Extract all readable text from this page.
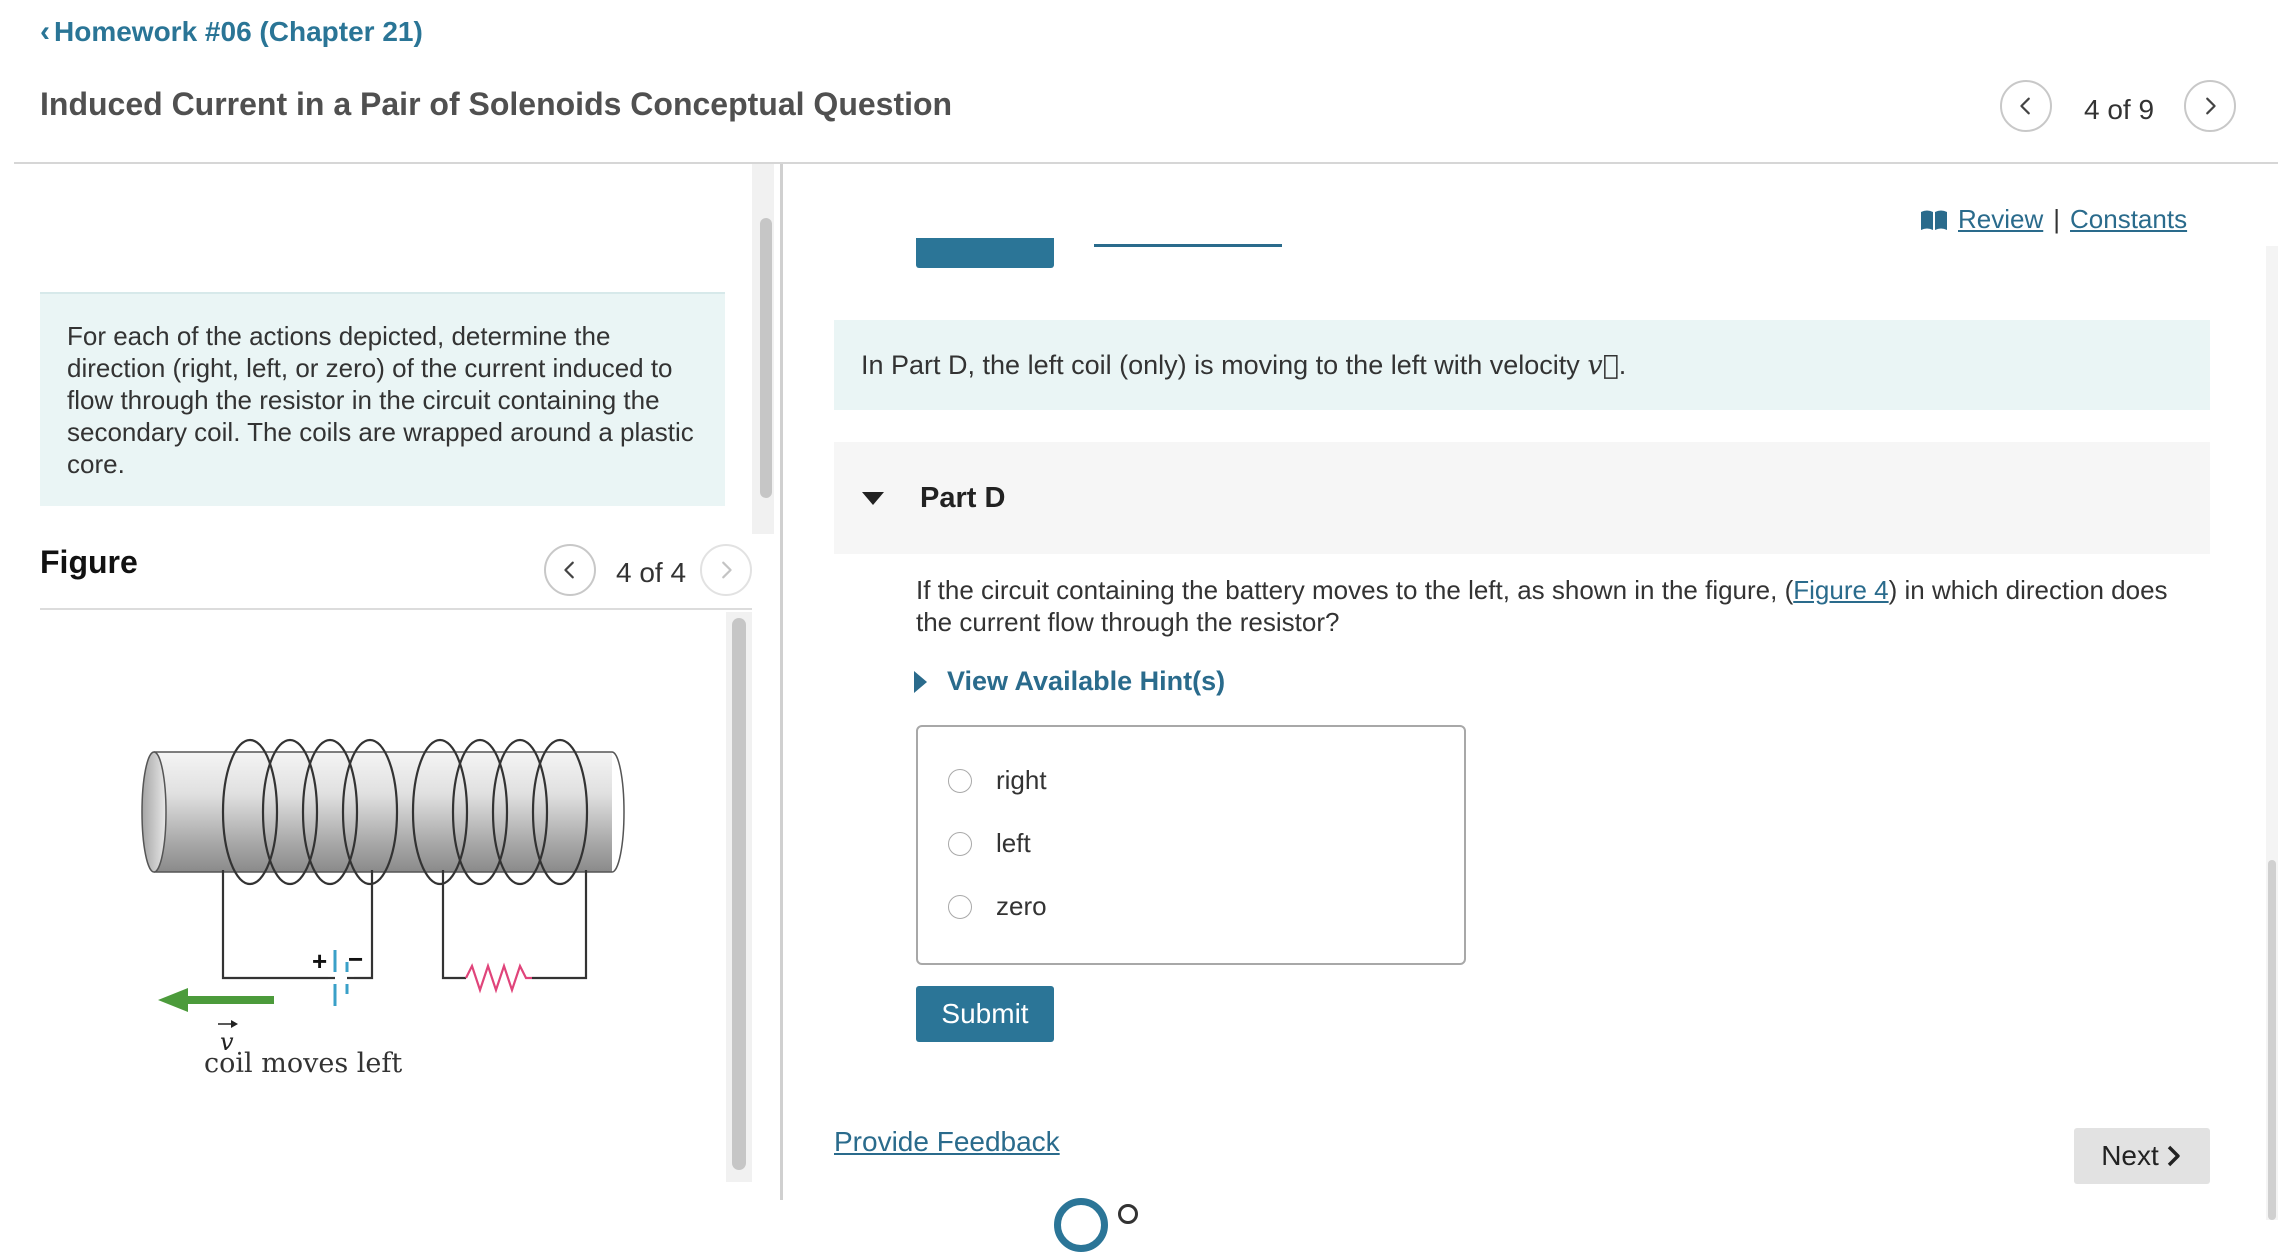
‹ Homework #06 (Chapter 21)
Induced Current in a Pair of Solenoids Conceptual Question	4 of 9
For each of the actions depicted, determine the direction (right, left, or zero) of the current induced to flow through the resistor in the circuit containing the secondary coil. The coils are wrapped around a plastic core.
Figure	4 of 4
+ −
v
coil moves left
Review | Constants
In Part D, the left coil (only) is moving to the left with velocity
v⃗ .
Part D
If the circuit containing the battery moves to the left, as shown in the figure, (Figure 4) in which direction does the current flow through the resistor?
View Available Hint(s)
right
left
zero
Submit
Provide Feedback	Next
